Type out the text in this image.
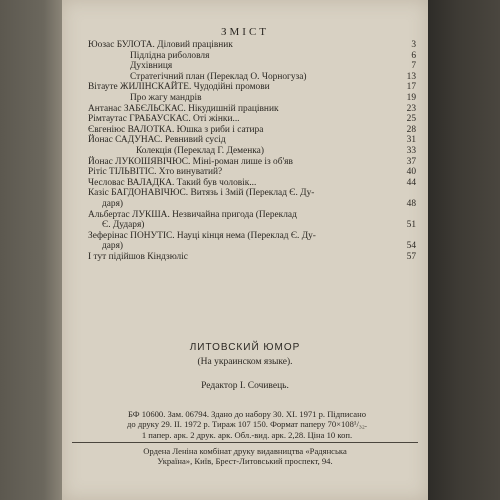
ЗМІСТ
Юозас БУЛОТА. Діловий працівник	3
Підлідна риболовля	6
Духівниця	7
Стратегічний план (Переклад О. Чорногуза)	13
Вітауте ЖИЛІНСКАЙТЕ. Чудодійні промови	17
Про жагу мандрів	19
Антанас ЗАБЄЛЬСКАС. Нікудишній працівник	23
Рімтаутас ГРАБАУСКАС. Оті жінки...	25
Євгеніюс ВАЛОТКА. Юшка з риби і сатира	28
Йонас САДУНАС. Ревнивий сусід	31
Колекція (Переклад Г. Деменка)	33
Йонас ЛУКОШЯВІЧЮС. Міні-роман лише із об'яв	37
Рітіс ТІЛЬВІТІС. Хто винуватий?	40
Чесловас ВАЛАДКА. Такий був чоловік...	44
Казіс БАГДОНАВІЧЮС. Витязь і Змій (Переклад Є. Ду-
даря)	48
Альбертас ЛУКША. Незвичайна пригода (Переклад
Є. Дударя)	51
Зеферінас ПОНУТІС. Науці кінця нема (Переклад Є. Ду-
даря)	54
І тут підійшов Кіндзюліс	57
ЛИТОВСКИЙ ЮМОР
(На украинском языке).
Редактор І. Сочивець.
БФ 10600. Зам. 06794. Здано до набору 30. XI. 1971 р. Підписано
до друку 29. II. 1972 р. Тираж 107 150. Формат паперу 70×108¹/₃₂.
1 папер. арк. 2 друк. арк. Обл.-вид. арк. 2,28. Ціна 10 коп.
Ордена Леніна комбінат друку видавництва «Радянська
Україна», Київ, Брест-Литовський проспект, 94.
